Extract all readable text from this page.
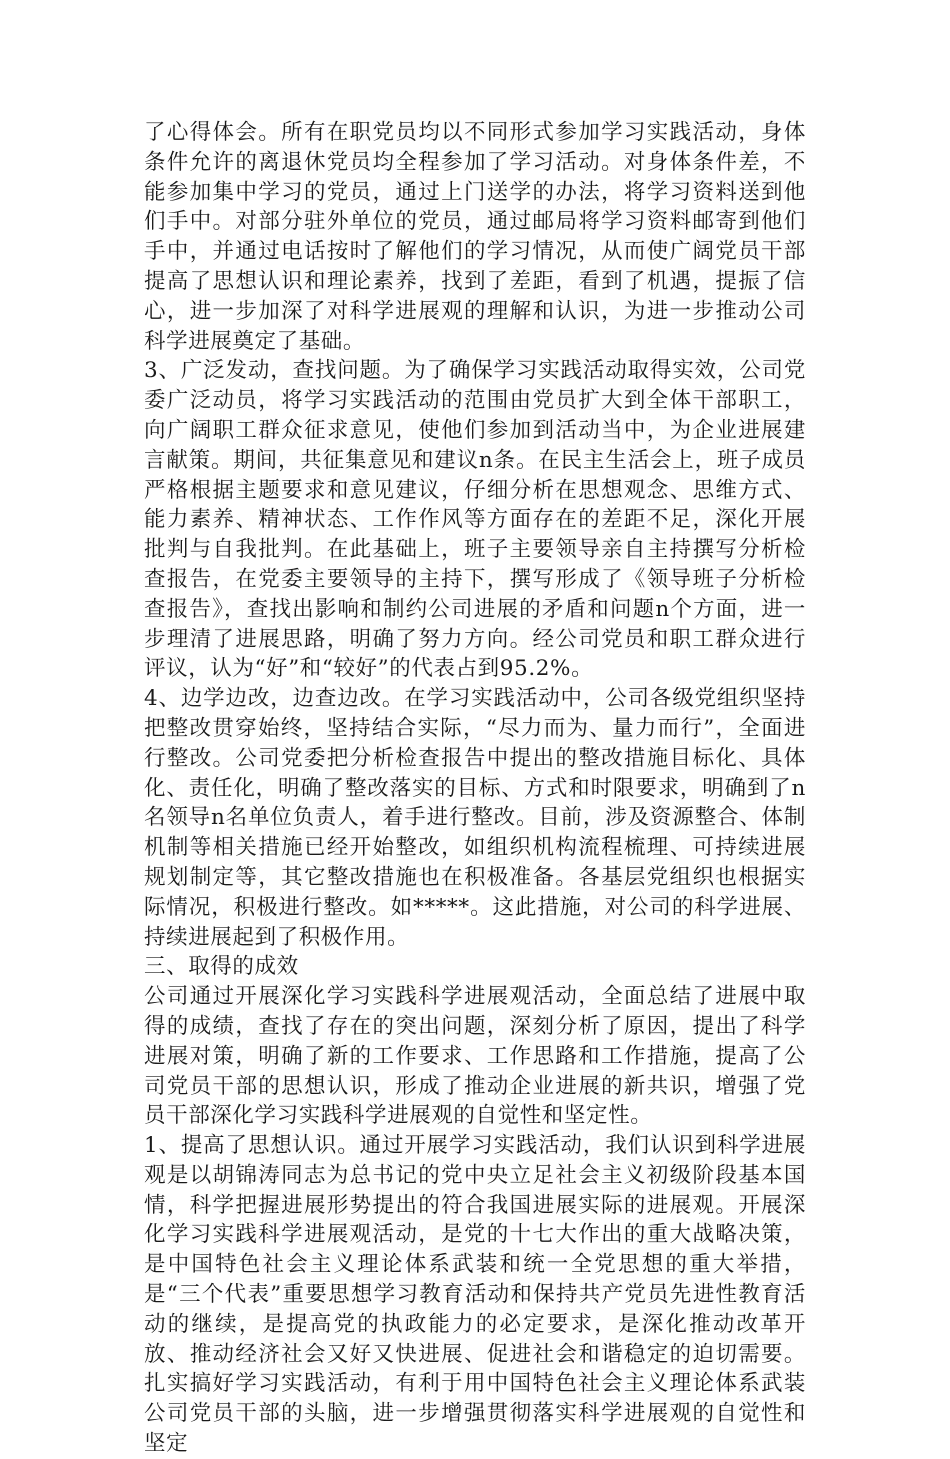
了心得体会。所有在职党员均以不同形式参加学习实践活动，身体条件允许的离退休党员均全程参加了学习活动。对身体条件差，不能参加集中学习的党员，通过上门送学的办法，将学习资料送到他们手中。对部分驻外单位的党员，通过邮局将学习资料邮寄到他们手中，并通过电话按时了解他们的学习情况，从而使广阔党员干部提高了思想认识和理论素养，找到了差距，看到了机遇，提振了信心，进一步加深了对科学进展观的理解和认识，为进一步推动公司科学进展奠定了基础。

3、广泛发动，查找问题。为了确保学习实践活动取得实效，公司党委广泛动员，将学习实践活动的范围由党员扩大到全体干部职工，向广阔职工群众征求意见，使他们参加到活动当中，为企业进展建言献策。期间，共征集意见和建议n条。在民主生活会上，班子成员严格根据主题要求和意见建议，仔细分析在思想观念、思维方式、能力素养、精神状态、工作作风等方面存在的差距不足，深化开展批判与自我批判。在此基础上，班子主要领导亲自主持撰写分析检查报告，在党委主要领导的主持下，撰写形成了《领导班子分析检查报告》，查找出影响和制约公司进展的矛盾和问题n个方面，进一步理清了进展思路，明确了努力方向。经公司党员和职工群众进行评议，认为“好”和“较好”的代表占到95.2%。

4、边学边改，边查边改。在学习实践活动中，公司各级党组织坚持把整改贯穿始终，坚持结合实际，“尽力而为、量力而行”，全面进行整改。公司党委把分析检查报告中提出的整改措施目标化、具体化、责任化，明确了整改落实的目标、方式和时限要求，明确到了n名领导n名单位负责人，着手进行整改。目前，涉及资源整合、体制机制等相关措施已经开始整改，如组织机构流程梳理、可持续进展规划制定等，其它整改措施也在积极准备。各基层党组织也根据实际情况，积极进行整改。如*****。这此措施，对公司的科学进展、持续进展起到了积极作用。

三、取得的成效

公司通过开展深化学习实践科学进展观活动，全面总结了进展中取得的成绩，查找了存在的突出问题，深刻分析了原因，提出了科学进展对策，明确了新的工作要求、工作思路和工作措施，提高了公司党员干部的思想认识，形成了推动企业进展的新共识，增强了党员干部深化学习实践科学进展观的自觉性和坚定性。

1、提高了思想认识。通过开展学习实践活动，我们认识到科学进展观是以胡锦涛同志为总书记的党中央立足社会主义初级阶段基本国情，科学把握进展形势提出的符合我国进展实际的进展观。开展深化学习实践科学进展观活动，是党的十七大作出的重大战略决策，是中国特色社会主义理论体系武装和统一全党思想的重大举措，是“三个代表”重要思想学习教育活动和保持共产党员先进性教育活动的继续，是提高党的执政能力的必定要求，是深化推动改革开放、推动经济社会又好又快进展、促进社会和谐稳定的迫切需要。扎实搞好学习实践活动，有利于用中国特色社会主义理论体系武装公司党员干部的头脑，进一步增强贯彻落实科学进展观的自觉性和坚定
